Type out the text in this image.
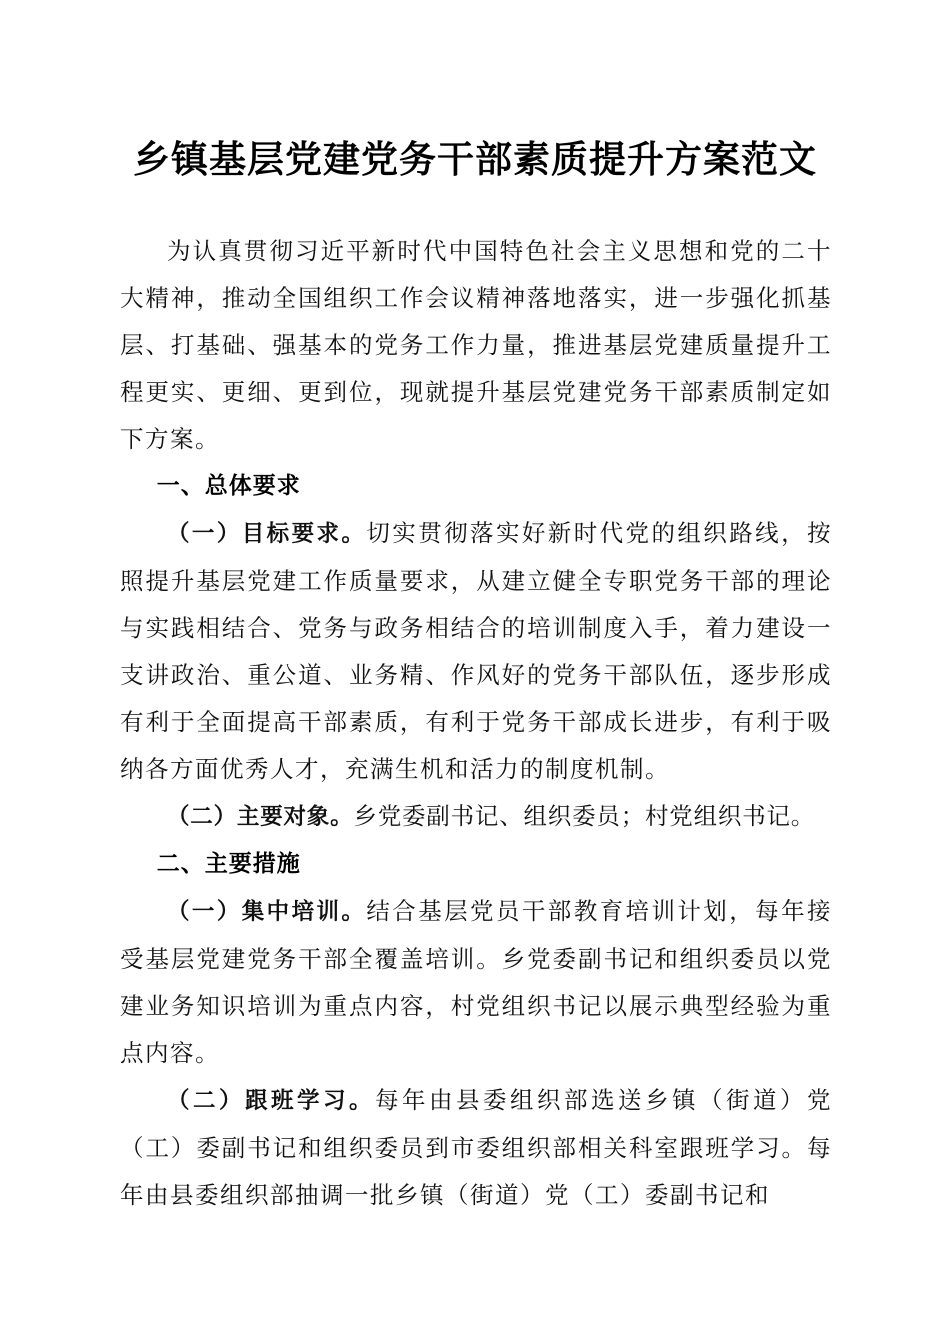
乡镇基层党建党务干部素质提升方案范文

为认真贯彻习近平新时代中国特色社会主义思想和党的二十大精神，推动全国组织工作会议精神落地落实，进一步强化抓基层、打基础、强基本的党务工作力量，推进基层党建质量提升工程更实、更细、更到位，现就提升基层党建党务干部素质制定如下方案。

一、总体要求

（一）目标要求。切实贯彻落实好新时代党的组织路线，按照提升基层党建工作质量要求，从建立健全专职党务干部的理论与实践相结合、党务与政务相结合的培训制度入手，着力建设一支讲政治、重公道、业务精、作风好的党务干部队伍，逐步形成有利于全面提高干部素质，有利于党务干部成长进步，有利于吸纳各方面优秀人才，充满生机和活力的制度机制。

（二）主要对象。乡党委副书记、组织委员；村党组织书记。

二、主要措施

（一）集中培训。结合基层党员干部教育培训计划，每年接受基层党建党务干部全覆盖培训。乡党委副书记和组织委员以党建业务知识培训为重点内容，村党组织书记以展示典型经验为重点内容。

（二）跟班学习。每年由县委组织部选送乡镇（街道）党（工）委副书记和组织委员到市委组织部相关科室跟班学习。每年由县委组织部抽调一批乡镇（街道）党（工）委副书记和
